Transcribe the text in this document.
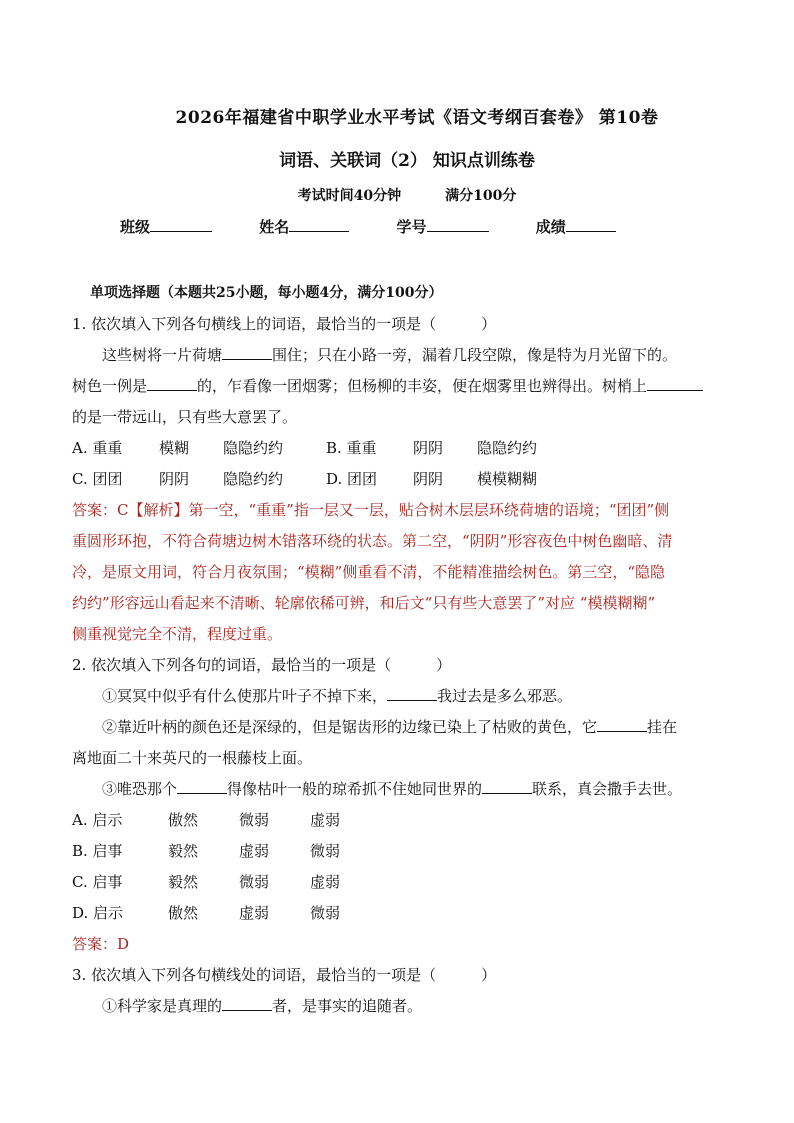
2026年福建省中职学业水平考试《语文考纲百套卷》 第10卷
词语、关联词（2） 知识点训练卷
考试时间40分钟	满分100分
班级	姓名	学号	成绩
单项选择题（本题共25小题，每小题4分，满分100分）
1. 依次填入下列各句横线上的词语，最恰当的一项是（　　　）
这些树将一片荷塘	围住；只在小路一旁，漏着几段空隙，像是特为月光留下的。
树色一例是	的，乍看像一团烟雾；但杨柳的丰姿，便在烟雾里也辨得出。树梢上
的是一带远山，只有些大意罢了。
A. 重重 模糊 隐隐约约	B. 重重 阴阴 隐隐约约
C. 团团 阴阴 隐隐约约	D. 团团 阴阴 模模糊糊
答案：C【解析】第一空，“重重”指一层又一层，贴合树木层层环绕荷塘的语境；“团团”侧
重圆形环抱，不符合荷塘边树木错落环绕的状态。第二空，“阴阴”形容夜色中树色幽暗、清
冷，是原文用词，符合月夜氛围；“模糊”侧重看不清，不能精准描绘树色。第三空，“隐隐
约约”形容远山看起来不清晰、轮廓依稀可辨，和后文“只有些大意罢了”对应 “模模糊糊”
侧重视觉完全不清，程度过重。
2. 依次填入下列各句的词语，最恰当的一项是（　　　）
①冥冥中似乎有什么使那片叶子不掉下来，	我过去是多么邪恶。
②靠近叶柄的颜色还是深绿的，但是锯齿形的边缘已染上了枯败的黄色，它	挂在
离地面二十来英尺的一根藤枝上面。
③唯恐那个	得像枯叶一般的琼希抓不住她同世界的	联系，真会撒手去世。
A. 启示	傲然	微弱	虚弱
B. 启事	毅然	虚弱	微弱
C. 启事	毅然	微弱	虚弱
D. 启示	傲然	虚弱	微弱
答案：D
3. 依次填入下列各句横线处的词语，最恰当的一项是（　　　）
①科学家是真理的	者，是事实的追随者。
